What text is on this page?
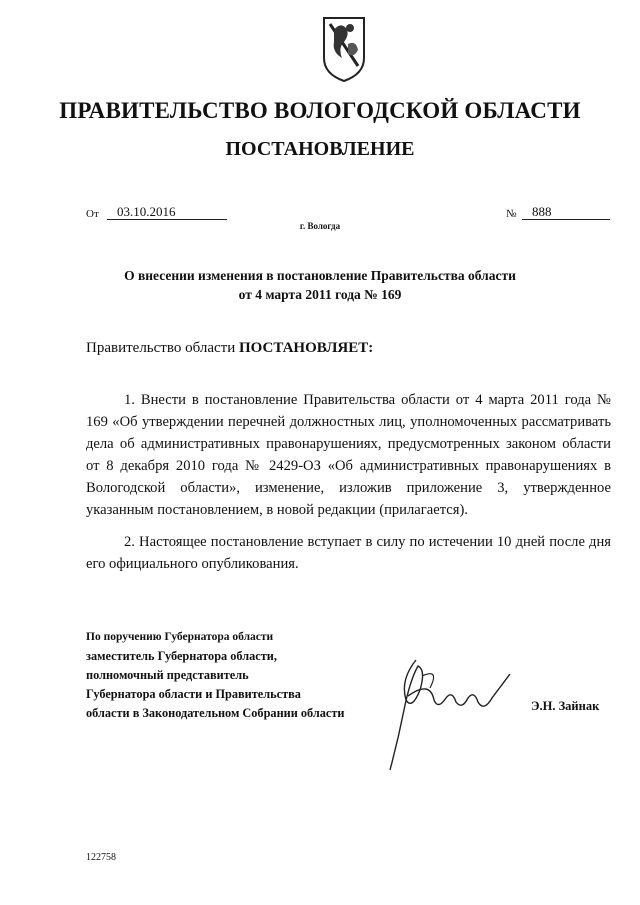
ПРАВИТЕЛЬСТВО ВОЛОГОДСКОЙ ОБЛАСТИ
ПОСТАНОВЛЕНИЕ
От	03.10.2016	№	888
г. Вологда
О внесении изменения в постановление Правительства области
от 4 марта 2011 года № 169
Правительство области ПОСТАНОВЛЯЕТ:

1. Внести в постановление Правительства области от 4 марта 2011 года № 169 «Об утверждении перечней должностных лиц, уполномоченных рассматривать дела об административных правонарушениях, предусмотренных законом области от 8 декабря 2010 года № 2429-ОЗ «Об административных правонарушениях в Вологодской области», изменение, изложив приложение 3, утвержденное указанным постановлением, в новой редакции (прилагается).

2. Настоящее постановление вступает в силу по истечении 10 дней после дня его официального опубликования.

По поручению Губернатора области
заместитель Губернатора области,
полномочный представитель
Губернатора области и Правительства
области в Законодательном Собрании области	Э.Н. Зайнак
122758
